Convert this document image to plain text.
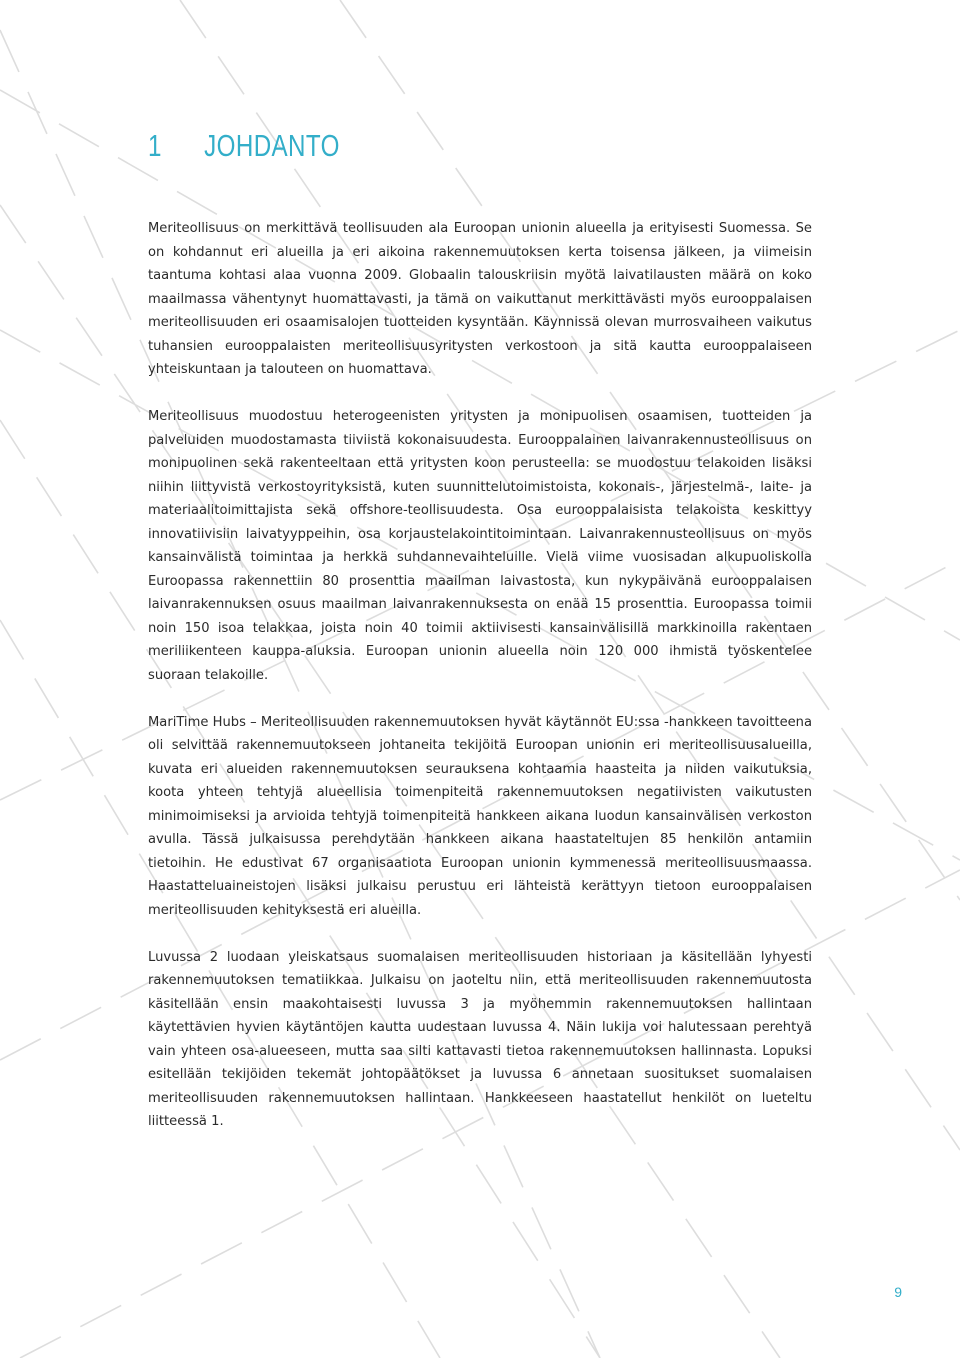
1 JOHDANTO

Meriteollisuus on merkittävä teollisuuden ala Euroopan unionin alueella ja erityisesti Suomessa. Se on kohdannut eri alueilla ja eri aikoina rakennemuutoksen kerta toisensa jälkeen, ja viimeisin taantuma kohtasi alaa vuonna 2009. Globaalin talouskriisin myötä laivatilausten määrä on koko maailmassa vähentynyt huomattavasti, ja tämä on vaikuttanut merkittävästi myös eurooppalaisen meriteollisuuden eri osaamisalojen tuotteiden kysyntään. Käynnissä olevan murrosvaiheen vaikutus tuhansien eurooppalaisten meriteollisuusyritysten verkostoon ja sitä kautta eurooppalaiseen yhteiskuntaan ja talouteen on huomattava.

Meriteollisuus muodostuu heterogeenisten yritysten ja monipuolisen osaamisen, tuotteiden ja palveluiden muodostamasta tiiviistä kokonaisuudesta. Eurooppalainen laivanrakennusteollisuus on monipuolinen sekä rakenteeltaan että yritysten koon perusteella: se muodostuu telakoiden lisäksi niihin liittyvistä verkostoyrityksistä, kuten suunnittelutoimistoista, kokonais-, järjestelmä-, laite- ja materiaalitoimittajista sekä offshore-teollisuudesta. Osa eurooppalaisista telakoista keskittyy innovatiivisiin laivatyyppeihin, osa korjaustelakointitoimintaan. Laivanrakennusteollisuus on myös kansainvälistä toimintaa ja herkkä suhdannevaihteluille. Vielä viime vuosisadan alkupuoliskolla Euroopassa rakennettiin 80 prosenttia maailman laivastosta, kun nykypäivänä eurooppalaisen laivanrakennuksen osuus maailman laivanrakennuksesta on enää 15 prosenttia. Euroopassa toimii noin 150 isoa telakkaa, joista noin 40 toimii aktiivisesti kansainvälisillä markkinoilla rakentaen meriliikenteen kauppa-aluksia. Euroopan unionin alueella noin 120 000 ihmistä työskentelee suoraan telakoille.

MariTime Hubs – Meriteollisuuden rakennemuutoksen hyvät käytännöt EU:ssa -hankkeen tavoitteena oli selvittää rakennemuutokseen johtaneita tekijöitä Euroopan unionin eri meriteollisuusalueilla, kuvata eri alueiden rakennemuutoksen seurauksena kohtaamia haasteita ja niiden vaikutuksia, koota yhteen tehtyjä alueellisia toimenpiteitä rakennemuutoksen negatiivisten vaikutusten minimoimiseksi ja arvioida tehtyjä toimenpiteitä hankkeen aikana luodun kansainvälisen verkoston avulla. Tässä julkaisussa perehdytään hankkeen aikana haastateltujen 85 henkilön antamiin tietoihin. He edustivat 67 organisaatiota Euroopan unionin kymmenessä meriteollisuusmaassa. Haastatteluaineistojen lisäksi julkaisu perustuu eri lähteistä kerättyyn tietoon eurooppalaisen meriteollisuuden kehityksestä eri alueilla.

Luvussa 2 luodaan yleiskatsaus suomalaisen meriteollisuuden historiaan ja käsitellään lyhyesti rakennemuutoksen tematiikkaa. Julkaisu on jaoteltu niin, että meriteollisuuden rakennemuutosta käsitellään ensin maakohtaisesti luvussa 3 ja myöhemmin rakennemuutoksen hallintaan käytettävien hyvien käytäntöjen kautta uudestaan luvussa 4. Näin lukija voi halutessaan perehtyä vain yhteen osa-alueeseen, mutta saa silti kattavasti tietoa rakennemuutoksen hallinnasta. Lopuksi esitellään tekijöiden tekemät johtopäätökset ja luvussa 6 annetaan suositukset suomalaisen meriteollisuuden rakennemuutoksen hallintaan. Hankkeeseen haastatellut henkilöt on lueteltu liitteessä 1.

9
